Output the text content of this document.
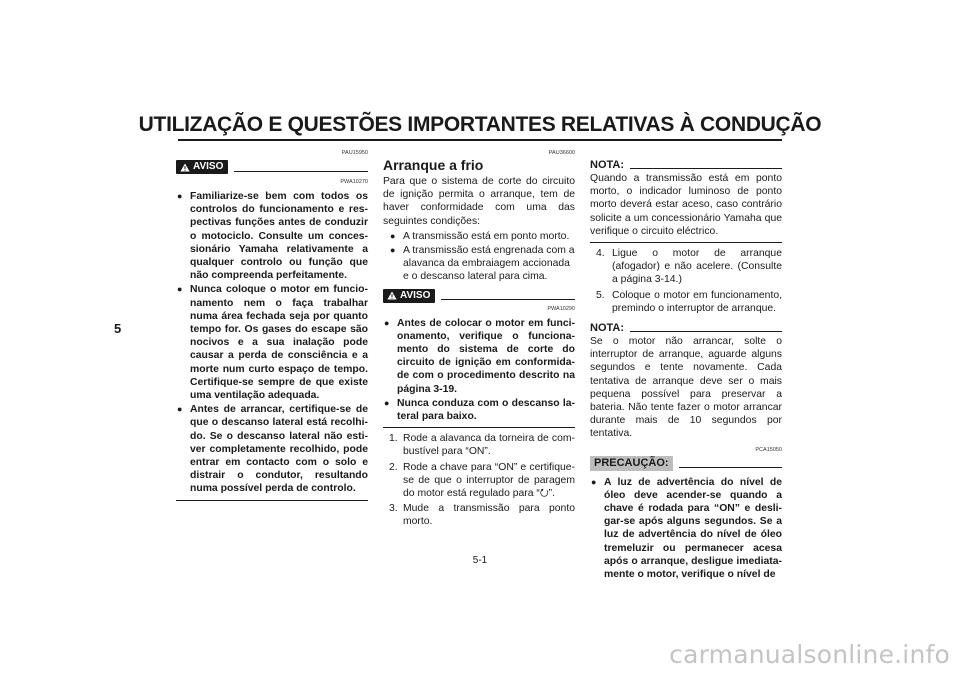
UTILIZAÇÃO E QUESTÕES IMPORTANTES RELATIVAS À CONDUÇÃO
5
PAU15950
AVISO
PWA10270
● Familiarize-se bem com todos os controlos do funcionamento e respectivas funções antes de conduzir o motociclo. Consulte um concessionário Yamaha relativamente a qualquer controlo ou função que não compreenda perfeitamente.
● Nunca coloque o motor em funcionamento nem o faça trabalhar numa área fechada seja por quanto tempo for. Os gases do escape são nocivos e a sua inalação pode causar a perda de consciência e a morte num curto espaço de tempo. Certifique-se sempre de que existe uma ventilação adequada.
● Antes de arrancar, certifique-se de que o descanso lateral está recolhido. Se o descanso lateral não estiver completamente recolhido, pode entrar em contacto com o solo e distrair o condutor, resultando numa possível perda de controlo.
PAU36600
Arranque a frio

Para que o sistema de corte do circuito de ignição permita o arranque, tem de haver conformidade com uma das seguintes condições:

● A transmissão está em ponto morto.
● A transmissão está engrenada com a alavanca da embraiagem accionada e o descanso lateral para cima.
AVISO
PWA10290
● Antes de colocar o motor em funcionamento, verifique o funcionamento do sistema de corte do circuito de ignição em conformidade com o procedimento descrito na página 3-19.
● Nunca conduza com o descanso lateral para baixo.
1. Rode a alavanca da torneira de combustível para “ON”.
2. Rode a chave para “ON” e certifique-se de que o interruptor de paragem do motor está regulado para “⭮”.
3. Mude a transmissão para ponto morto.
NOTA:

Quando a transmissão está em ponto morto, o indicador luminoso de ponto morto deverá estar aceso, caso contrário solicite a um concessionário Yamaha que verifique o circuito eléctrico.

4. Ligue o motor de arranque (afogador) e não acelere. (Consulte a página 3-14.)
5. Coloque o motor em funcionamento, premindo o interruptor de arranque.
NOTA:

Se o motor não arrancar, solte o interruptor de arranque, aguarde alguns segundos e tente novamente. Cada tentativa de arranque deve ser o mais pequena possível para preservar a bateria. Não tente fazer o motor arrancar durante mais de 10 segundos por tentativa.

PCA15050
PRECAUÇÃO:
● A luz de advertência do nível de óleo deve acender-se quando a chave é rodada para “ON” e desligar-se após alguns segundos. Se a luz de advertência do nível de óleo tremeluzir ou permanecer acesa após o arranque, desligue imediatamente o motor, verifique o nível de
5-1
carmanualsonline.info
